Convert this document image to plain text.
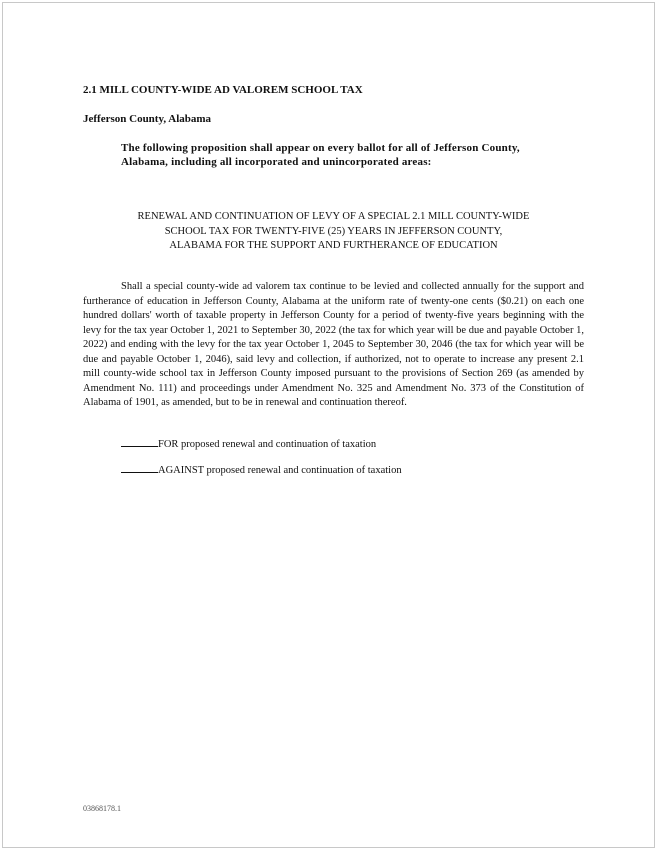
2.1 MILL COUNTY-WIDE AD VALOREM SCHOOL TAX
Jefferson County, Alabama
The following proposition shall appear on every ballot for all of Jefferson County, Alabama, including all incorporated and unincorporated areas:
RENEWAL AND CONTINUATION OF LEVY OF A SPECIAL 2.1 MILL COUNTY-WIDE
SCHOOL TAX FOR TWENTY-FIVE (25) YEARS IN JEFFERSON COUNTY,
ALABAMA FOR THE SUPPORT AND FURTHERANCE OF EDUCATION

Shall a special county-wide ad valorem tax continue to be levied and collected annually for the support and furtherance of education in Jefferson County, Alabama at the uniform rate of twenty-one cents ($0.21) on each one hundred dollars' worth of taxable property in Jefferson County for a period of twenty-five years beginning with the levy for the tax year October 1, 2021 to September 30, 2022 (the tax for which year will be due and payable October 1, 2022) and ending with the levy for the tax year October 1, 2045 to September 30, 2046 (the tax for which year will be due and payable October 1, 2046), said levy and collection, if authorized, not to operate to increase any present 2.1 mill county-wide school tax in Jefferson County imposed pursuant to the provisions of Section 269 (as amended by Amendment No. 111) and proceedings under Amendment No. 325 and Amendment No. 373 of the Constitution of Alabama of 1901, as amended, but to be in renewal and continuation thereof.

FOR proposed renewal and continuation of taxation
AGAINST proposed renewal and continuation of taxation
03868178.1
